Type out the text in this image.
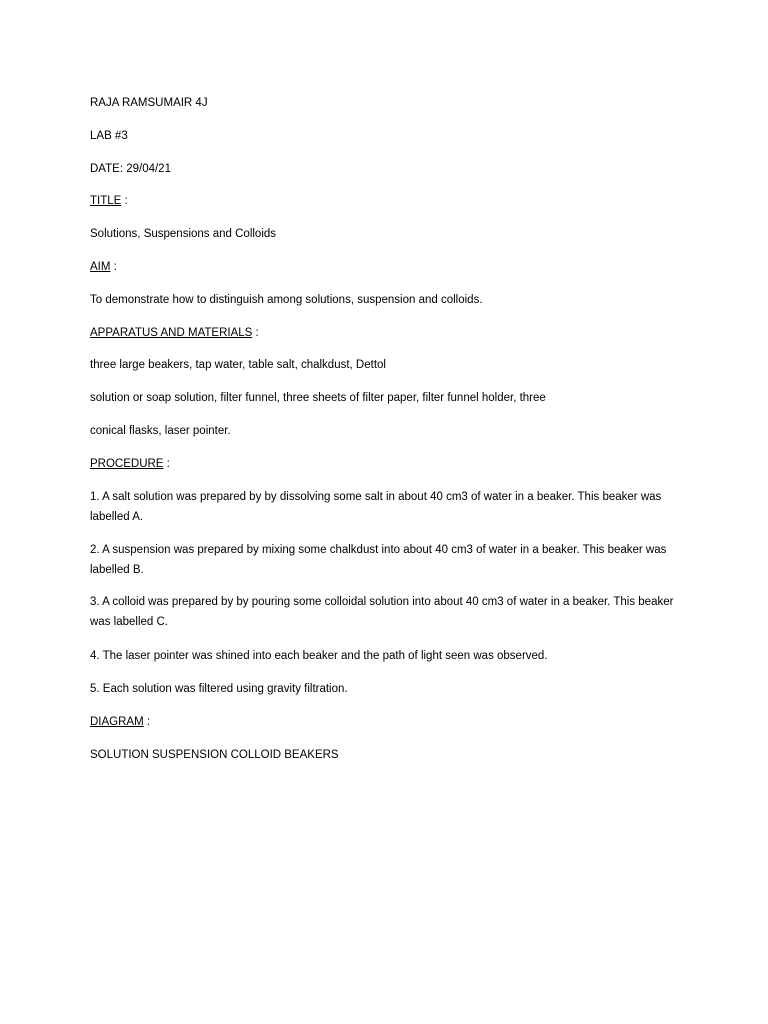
RAJA RAMSUMAIR 4J
LAB #3
DATE: 29/04/21
TITLE :
Solutions, Suspensions and Colloids
AIM :
To demonstrate how to distinguish among solutions, suspension and colloids.
APPARATUS AND MATERIALS :
three large beakers, tap water, table salt, chalkdust, Dettol
solution or soap solution, filter funnel, three sheets of filter paper, filter funnel holder, three
conical flasks, laser pointer.
PROCEDURE :
1. A salt solution was prepared by by dissolving some salt in about 40 cm3 of water in a beaker. This beaker was labelled A.
2. A suspension was prepared by mixing some chalkdust into about 40 cm3 of water in a beaker. This beaker was labelled B.
3. A colloid was prepared by by pouring some colloidal solution into about 40 cm3 of water in a beaker. This beaker was labelled C.
4. The laser pointer was shined into each beaker and the path of light seen was observed.
5. Each solution was filtered using gravity filtration.
DIAGRAM :
SOLUTION SUSPENSION COLLOID BEAKERS
